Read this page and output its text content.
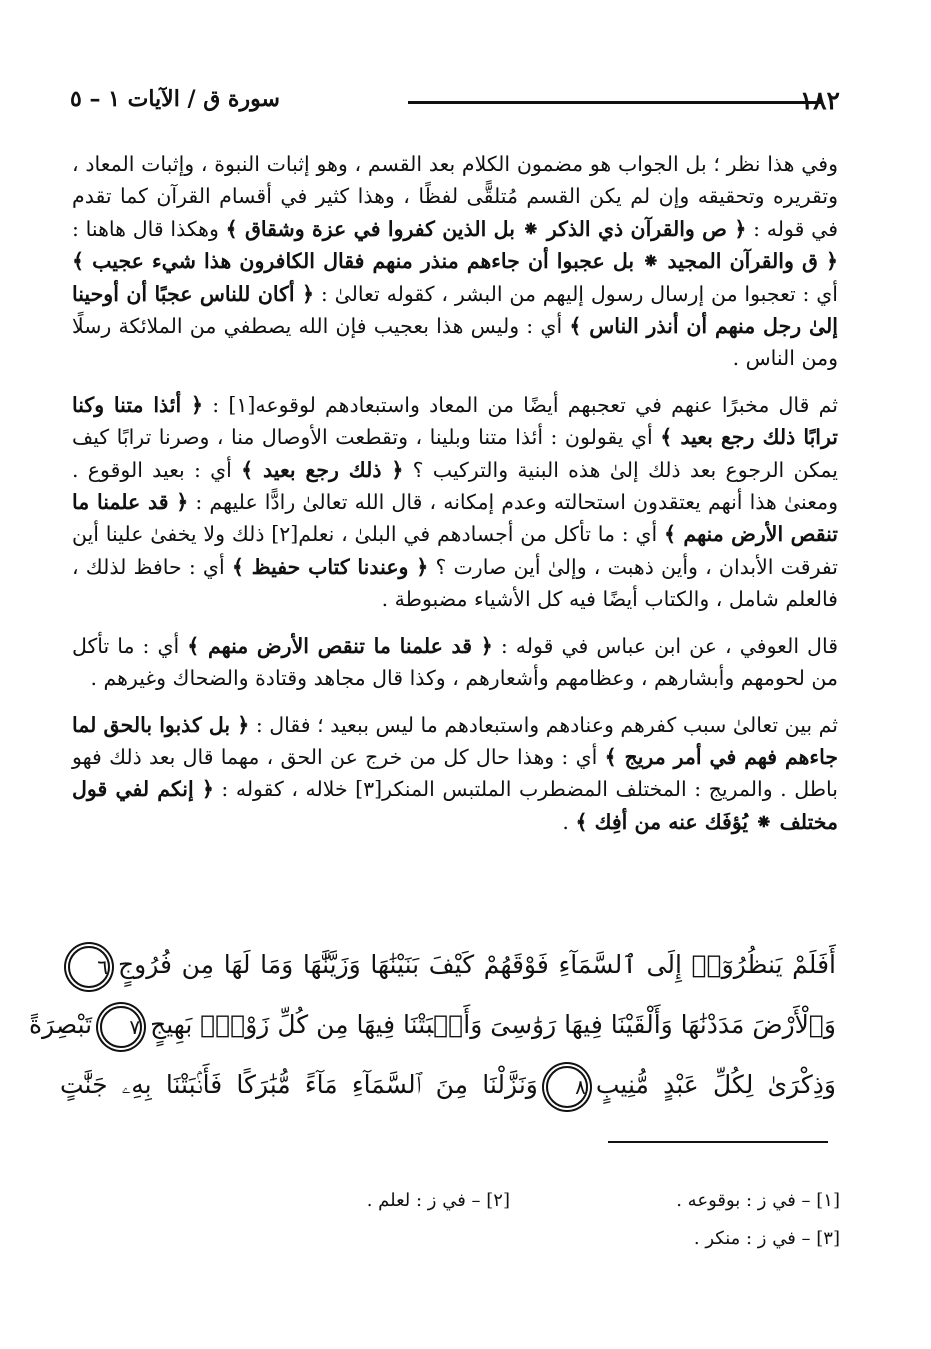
١٨٢
سورة ق / الآيات ١ – ٥

وفي هذا نظر ؛ بل الجواب هو مضمون الكلام بعد القسم ، وهو إثبات النبوة ، وإثبات المعاد ، وتقريره وتحقيقه وإن لم يكن القسم مُتلقًّى لفظًا ، وهذا كثير في أقسام القرآن كما تقدم في قوله : ﴿ ص والقرآن ذي الذكر ⁕ بل الذين كفروا في عزة وشقاق ﴾ وهكذا قال هاهنا : ﴿ ق والقرآن المجيد ⁕ بل عجبوا أن جاءهم منذر منهم فقال الكافرون هذا شيء عجيب ﴾ أي : تعجبوا من إرسال رسول إليهم من البشر ، كقوله تعالىٰ : ﴿ أكان للناس عجبًا أن أوحينا إلىٰ رجل منهم أن أنذر الناس ﴾ أي : وليس هذا بعجيب فإن الله يصطفي من الملائكة رسلًا ومن الناس .

ثم قال مخبرًا عنهم في تعجبهم أيضًا من المعاد واستبعادهم لوقوعه[١] : ﴿ أئذا متنا وكنا ترابًا ذلك رجع بعيد ﴾ أي يقولون : أئذا متنا وبلينا ، وتقطعت الأوصال منا ، وصرنا ترابًا كيف يمكن الرجوع بعد ذلك إلىٰ هذه البنية والتركيب ؟ ﴿ ذلك رجع بعيد ﴾ أي : بعيد الوقوع . ومعنىٰ هذا أنهم يعتقدون استحالته وعدم إمكانه ، قال الله تعالىٰ رادًّا عليهم : ﴿ قد علمنا ما تنقص الأرض منهم ﴾ أي : ما تأكل من أجسادهم في البلىٰ ، نعلم[٢] ذلك ولا يخفىٰ علينا أين تفرقت الأبدان ، وأين ذهبت ، وإلىٰ أين صارت ؟ ﴿ وعندنا كتاب حفيظ ﴾ أي : حافظ لذلك ، فالعلم شامل ، والكتاب أيضًا فيه كل الأشياء مضبوطة .

قال العوفي ، عن ابن عباس في قوله : ﴿ قد علمنا ما تنقص الأرض منهم ﴾ أي : ما تأكل من لحومهم وأبشارهم ، وعظامهم وأشعارهم ، وكذا قال مجاهد وقتادة والضحاك وغيرهم .

ثم بين تعالىٰ سبب كفرهم وعنادهم واستبعادهم ما ليس ببعيد ؛ فقال : ﴿ بل كذبوا بالحق لما جاءهم فهم في أمر مريج ﴾ أي : وهذا حال كل من خرج عن الحق ، مهما قال بعد ذلك فهو باطل . والمريج : المختلف المضطرب الملتبس المنكر[٣] خلاله ، كقوله : ﴿ إنكم لفي قول مختلف ⁕ يُؤفَك عنه من أفِك ﴾ .

أَفَلَمْ يَنظُرُوٓا۟ إِلَى ٱلسَّمَآءِ فَوْقَهُمْ كَيْفَ بَنَيْنَٰهَا وَزَيَّنَّٰهَا وَمَا لَهَا مِن فُرُوجٍ٦
وَٱلْأَرْضَ مَدَدْنَٰهَا وَأَلْقَيْنَا فِيهَا رَوَٰسِىَ وَأَنۢبَتْنَا فِيهَا مِن كُلِّ زَوْجٍۭ بَهِيجٍ٧تَبْصِرَةً
وَذِكْرَىٰ لِكُلِّ عَبْدٍ مُّنِيبٍ٨وَنَزَّلْنَا مِنَ ٱلسَّمَآءِ مَآءً مُّبَٰرَكًا فَأَنۢبَتْنَا بِهِۦ جَنَّٰتٍ
[١] – في ز : بوقوعه .
[٢] – في ز : لعلم .
[٣] – في ز : منكر .
